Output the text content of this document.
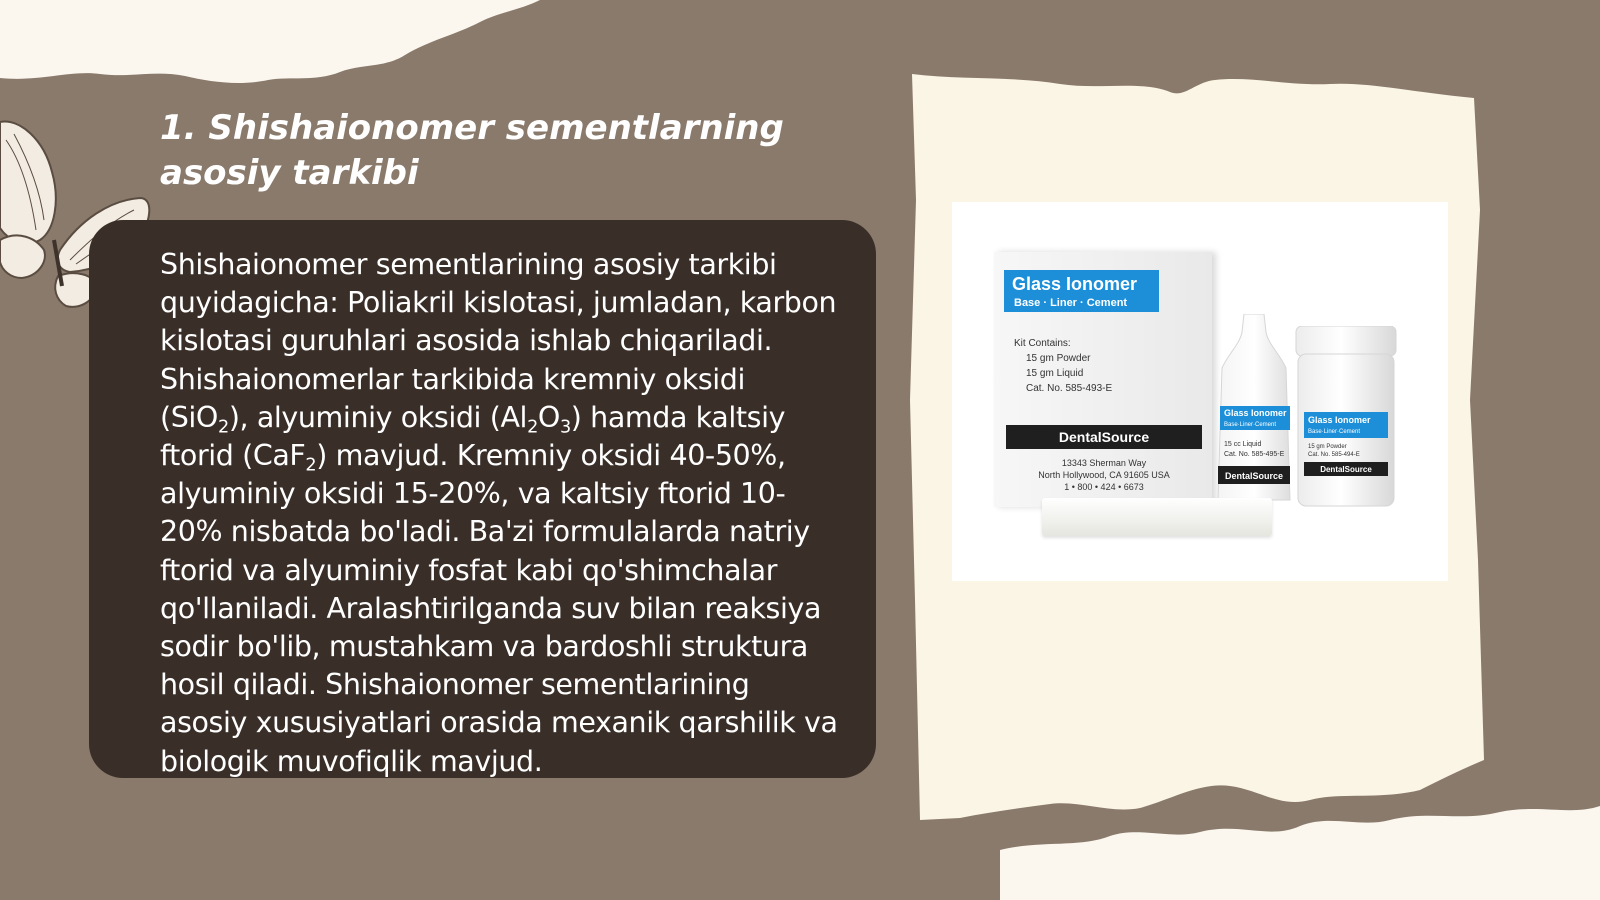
1. Shishaionomer sementlarning asosiy tarkibi

Shishaionomer sementlarining asosiy tarkibi quyidagicha: Poliakril kislotasi, jumladan, karbon kislotasi guruhlari asosida ishlab chiqariladi. Shishaionomerlar tarkibida kremniy oksidi (SiO$_2$), alyuminiy oksidi $(Al_2O_3)$ hamda kaltsiy ftorid (CaF$_2$) mavjud. Kremniy oksidi 40-50%, alyuminiy oksidi 15-20%, va kaltsiy ftorid 10-20% nisbatda bo'ladi. Ba'zi formulalarda natriy ftorid va alyuminiy fosfat kabi qo'shimchalar qo'llaniladi. Aralashtirilganda suv bilan reaksiya sodir bo'lib, mustahkam va bardoshli struktura hosil qiladi. Shishaionomer sementlarining asosiy xususiyatlari orasida mexanik qarshilik va biologik muvofiqlik mavjud.

Glass Ionomer
Base · Liner · Cement
Kit Contains:
15 gm Powder
15 gm Liquid
Cat. No. 585-493-E
DentalSource
13343 Sherman Way
North Hollywood, CA 91605 USA
1 • 800 • 424 • 6673
Glass Ionomer
Base·Liner·Cement
15 cc Liquid
Cat. No. 585-495-E
DentalSource
Glass Ionomer
Base·Liner·Cement
15 gm Powder
Cat. No. 585-494-E
DentalSource
